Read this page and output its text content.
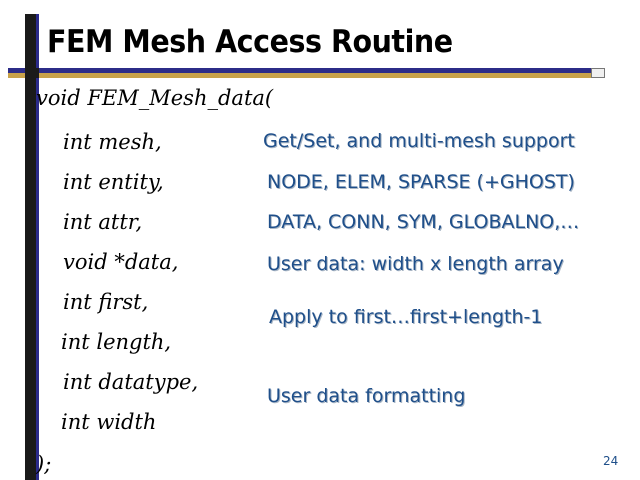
FEM Mesh Access Routine
void FEM_Mesh_data(
int mesh,
int entity,
int attr,
void *data,
int first,
int length,
int datatype,
int width
);
Get/Set, and multi-mesh support
NODE, ELEM, SPARSE (+GHOST)
DATA, CONN, SYM, GLOBALNO,…
User data: width x length array
Apply to first…first+length-1
User data formatting
24
